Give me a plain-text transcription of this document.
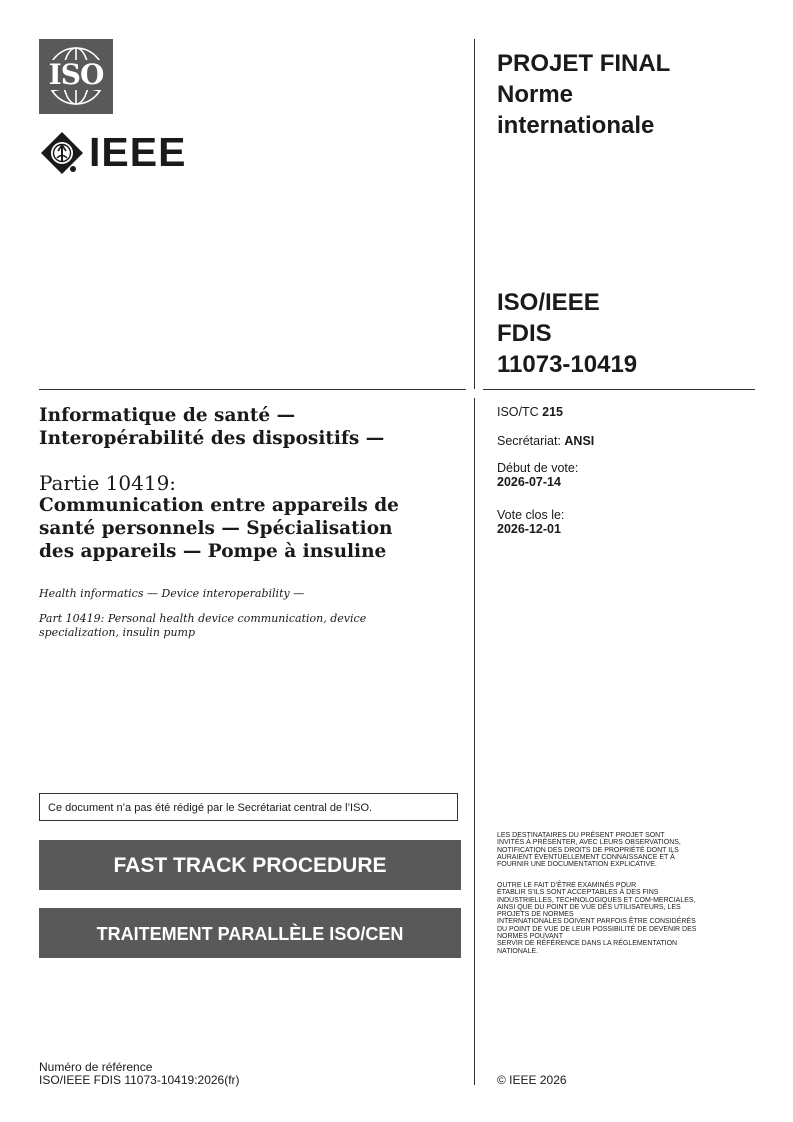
ISO
IEEE
PROJET FINAL
Norme
internationale
ISO/IEEE
FDIS
11073-10419
ISO/TC 215
Secrétariat: ANSI
Début de vote:
2026-07-14
Vote clos le:
2026-12-01
Informatique de santé —
Interopérabilité des dispositifs —
Partie 10419:
Communication entre appareils de
santé personnels — Spécialisation
des appareils — Pompe à insuline
Health informatics — Device interoperability —
Part 10419: Personal health device communication, device
specialization, insulin pump
Ce document n’a pas été rédigé par le Secrétariat central de l’ISO.
FAST TRACK PROCEDURE
TRAITEMENT PARALLÈLE ISO/CEN
LES DESTINATAIRES DU PRÉSENT PROJET SONT
INVITÉS À PRÉSENTER, AVEC LEURS OBSERVATIONS,
NOTIFICATION DES DROITS DE PROPRIÉTÉ DONT ILS
AURAIENT ÉVENTUELLEMENT CONNAISSANCE ET À
FOURNIR UNE DOCUMENTATION EXPLICATIVE.
OUTRE LE FAIT D’ÊTRE EXAMINÉS POUR
ÉTABLIR S’ILS SONT ACCEPTABLES À DES FINS
INDUSTRIELLES, TECHNOLOGIQUES ET COM-MERCIALES,
AINSI QUE DU POINT DE VUE DES UTILISATEURS, LES
PROJETS DE NORMES
INTERNATIONALES DOIVENT PARFOIS ÊTRE CONSIDÉRÉS
DU POINT DE VUE DE LEUR POSSIBILITÉ DE DEVENIR DES
NORMES POUVANT
SERVIR DE RÉFÉRENCE DANS LA RÉGLEMENTATION
NATIONALE.
Numéro de référence
ISO/IEEE FDIS 11073-10419:2026(fr)	© IEEE 2026
